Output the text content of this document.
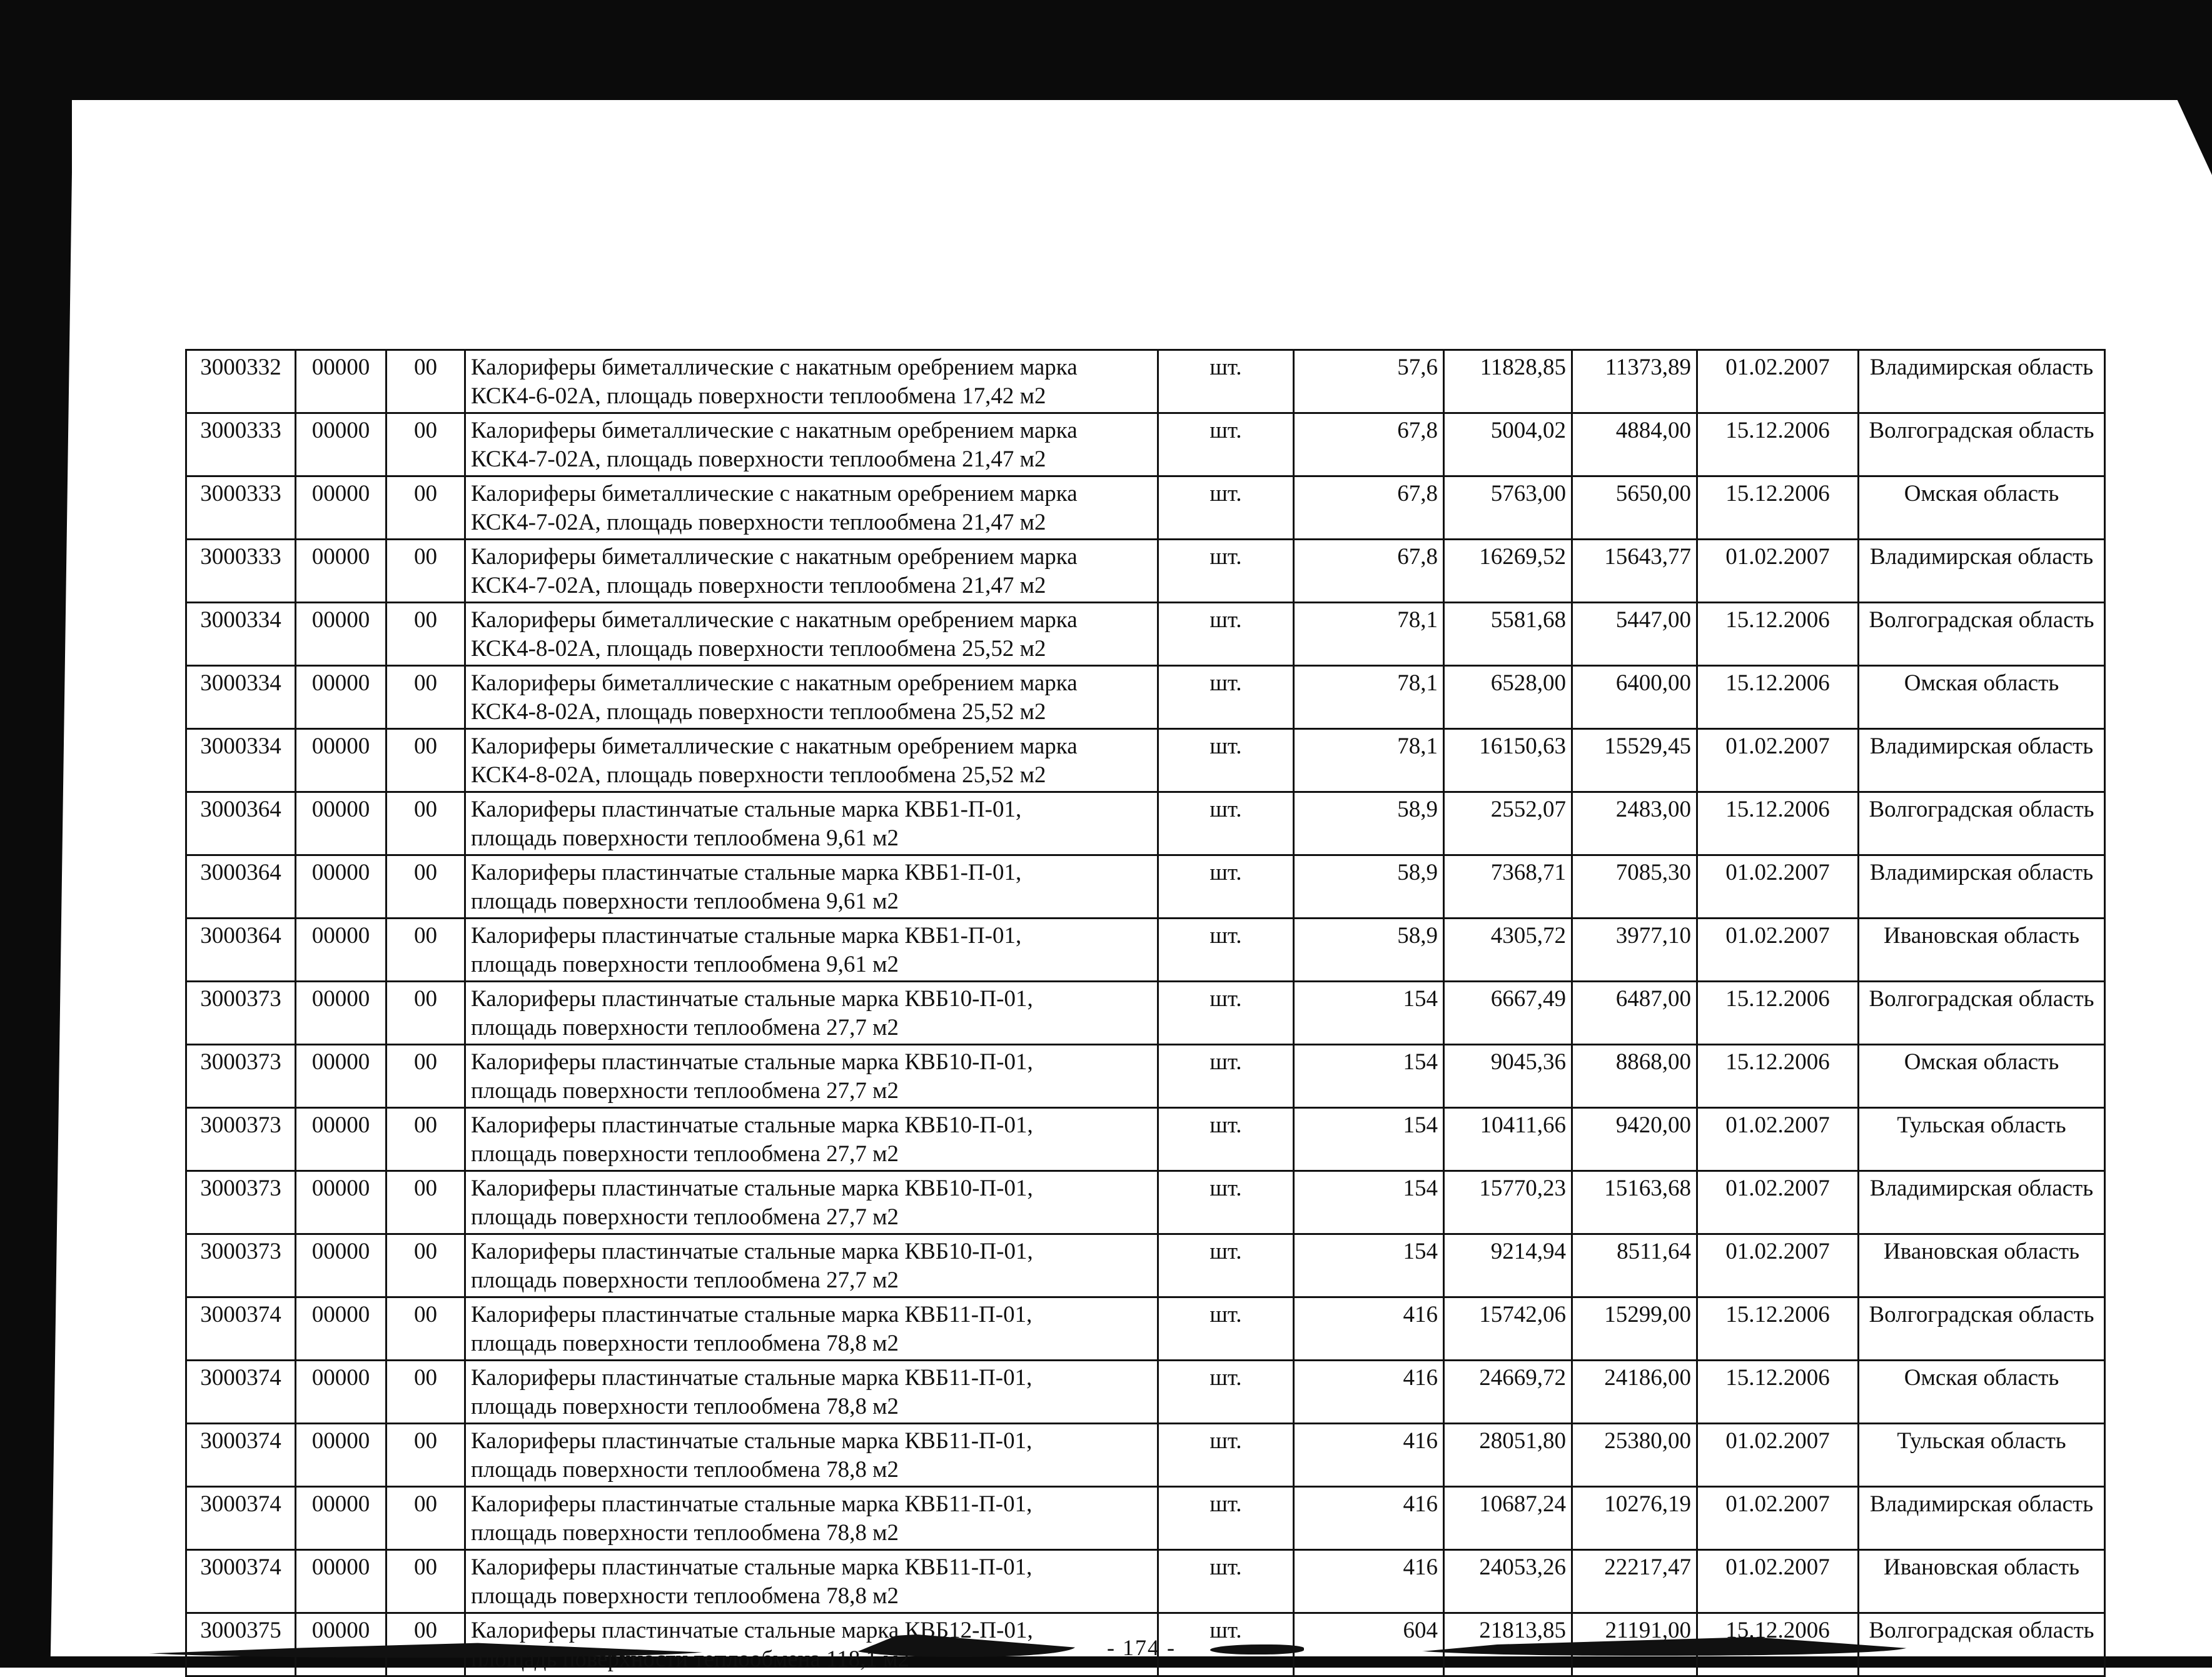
3000332	00000	00	Калориферы биметаллические с накатным оребрением марка
КСК4-6-02А, площадь поверхности теплообмена 17,42 м2	шт.	57,6	11828,85	11373,89	01.02.2007	Владимирская область
3000333	00000	00	Калориферы биметаллические с накатным оребрением марка
КСК4-7-02А, площадь поверхности теплообмена 21,47 м2	шт.	67,8	5004,02	4884,00	15.12.2006	Волгоградская область
3000333	00000	00	Калориферы биметаллические с накатным оребрением марка
КСК4-7-02А, площадь поверхности теплообмена 21,47 м2	шт.	67,8	5763,00	5650,00	15.12.2006	Омская область
3000333	00000	00	Калориферы биметаллические с накатным оребрением марка
КСК4-7-02А, площадь поверхности теплообмена 21,47 м2	шт.	67,8	16269,52	15643,77	01.02.2007	Владимирская область
3000334	00000	00	Калориферы биметаллические с накатным оребрением марка
КСК4-8-02А, площадь поверхности теплообмена 25,52 м2	шт.	78,1	5581,68	5447,00	15.12.2006	Волгоградская область
3000334	00000	00	Калориферы биметаллические с накатным оребрением марка
КСК4-8-02А, площадь поверхности теплообмена 25,52 м2	шт.	78,1	6528,00	6400,00	15.12.2006	Омская область
3000334	00000	00	Калориферы биметаллические с накатным оребрением марка
КСК4-8-02А, площадь поверхности теплообмена 25,52 м2	шт.	78,1	16150,63	15529,45	01.02.2007	Владимирская область
3000364	00000	00	Калориферы пластинчатые стальные марка КВБ1-П-01,
площадь поверхности теплообмена 9,61 м2	шт.	58,9	2552,07	2483,00	15.12.2006	Волгоградская область
3000364	00000	00	Калориферы пластинчатые стальные марка КВБ1-П-01,
площадь поверхности теплообмена 9,61 м2	шт.	58,9	7368,71	7085,30	01.02.2007	Владимирская область
3000364	00000	00	Калориферы пластинчатые стальные марка КВБ1-П-01,
площадь поверхности теплообмена 9,61 м2	шт.	58,9	4305,72	3977,10	01.02.2007	Ивановская область
3000373	00000	00	Калориферы пластинчатые стальные марка КВБ10-П-01,
площадь поверхности теплообмена 27,7 м2	шт.	154	6667,49	6487,00	15.12.2006	Волгоградская область
3000373	00000	00	Калориферы пластинчатые стальные марка КВБ10-П-01,
площадь поверхности теплообмена 27,7 м2	шт.	154	9045,36	8868,00	15.12.2006	Омская область
3000373	00000	00	Калориферы пластинчатые стальные марка КВБ10-П-01,
площадь поверхности теплообмена 27,7 м2	шт.	154	10411,66	9420,00	01.02.2007	Тульская область
3000373	00000	00	Калориферы пластинчатые стальные марка КВБ10-П-01,
площадь поверхности теплообмена 27,7 м2	шт.	154	15770,23	15163,68	01.02.2007	Владимирская область
3000373	00000	00	Калориферы пластинчатые стальные марка КВБ10-П-01,
площадь поверхности теплообмена 27,7 м2	шт.	154	9214,94	8511,64	01.02.2007	Ивановская область
3000374	00000	00	Калориферы пластинчатые стальные марка КВБ11-П-01,
площадь поверхности теплообмена 78,8 м2	шт.	416	15742,06	15299,00	15.12.2006	Волгоградская область
3000374	00000	00	Калориферы пластинчатые стальные марка КВБ11-П-01,
площадь поверхности теплообмена 78,8 м2	шт.	416	24669,72	24186,00	15.12.2006	Омская область
3000374	00000	00	Калориферы пластинчатые стальные марка КВБ11-П-01,
площадь поверхности теплообмена 78,8 м2	шт.	416	28051,80	25380,00	01.02.2007	Тульская область
3000374	00000	00	Калориферы пластинчатые стальные марка КВБ11-П-01,
площадь поверхности теплообмена 78,8 м2	шт.	416	10687,24	10276,19	01.02.2007	Владимирская область
3000374	00000	00	Калориферы пластинчатые стальные марка КВБ11-П-01,
площадь поверхности теплообмена 78,8 м2	шт.	416	24053,26	22217,47	01.02.2007	Ивановская область
3000375	00000	00	Калориферы пластинчатые стальные марка КВБ12-П-01,
площадь поверхности теплообмена 118,1 м2	шт.	604	21813,85	21191,00	15.12.2006	Волгоградская область
- 174 -
